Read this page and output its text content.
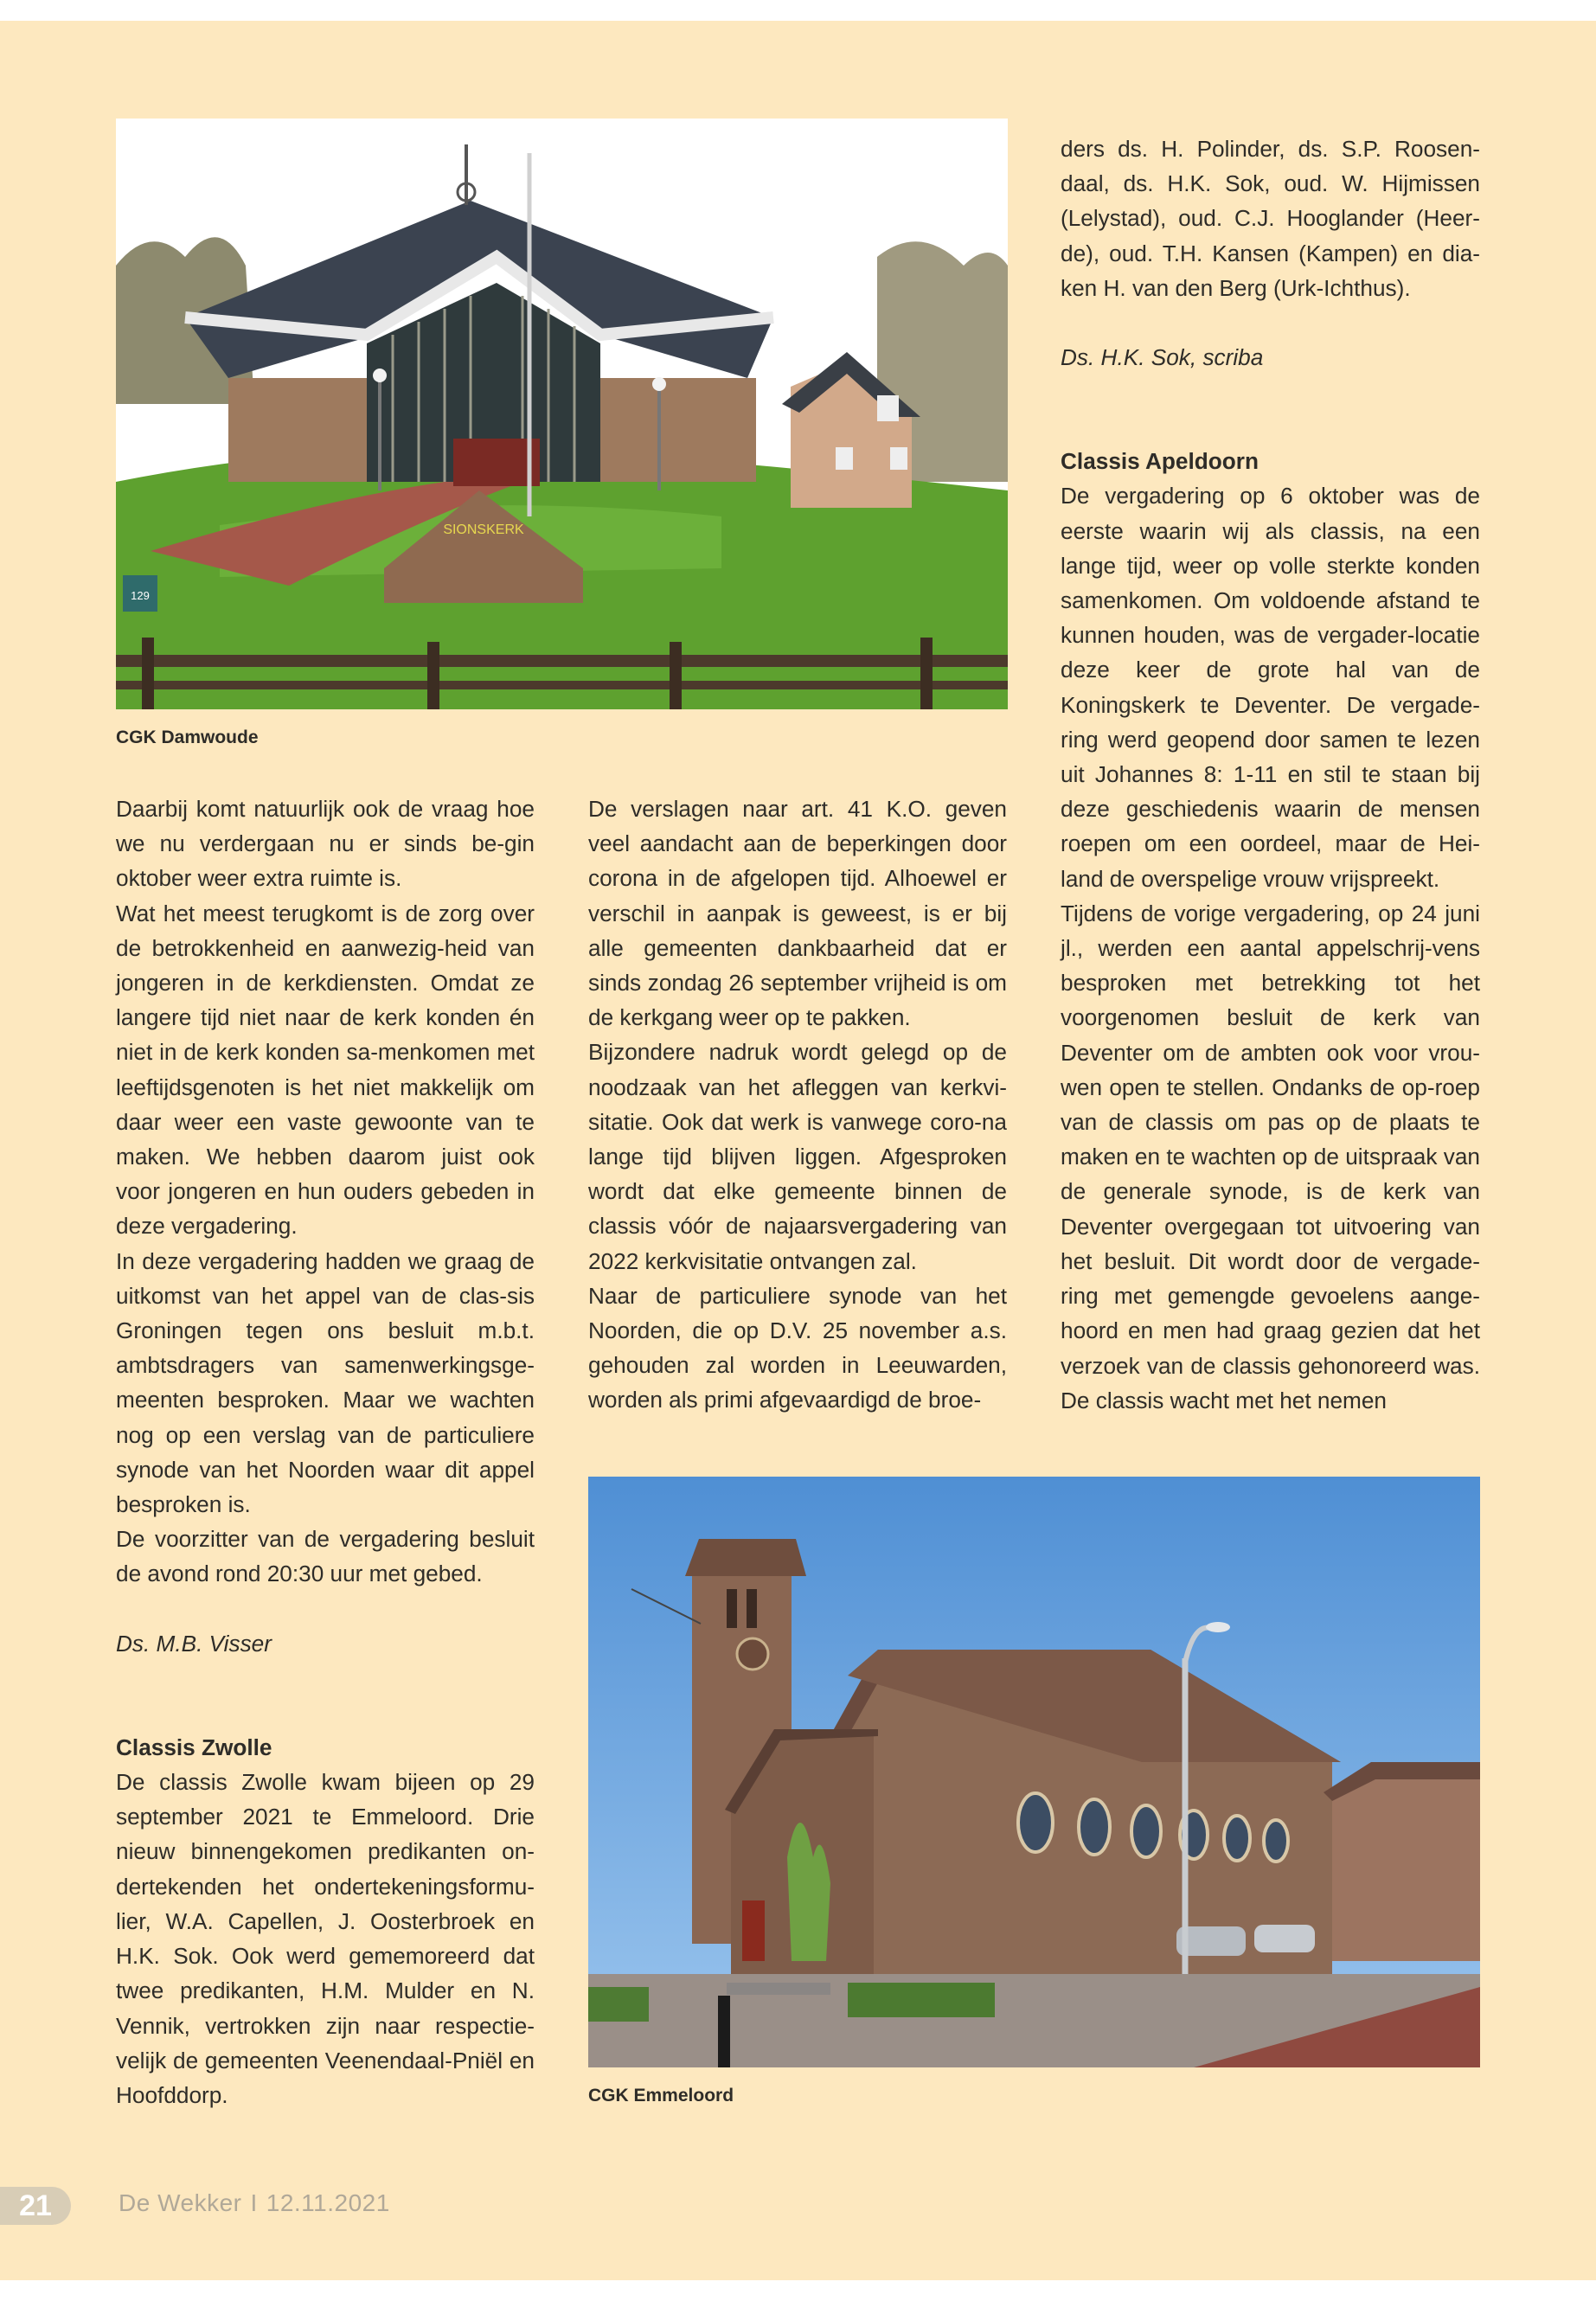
SIONSKERK
129
CGK Damwoude

Daarbij komt natuurlijk ook de vraag hoe we nu verdergaan nu er sinds be-gin oktober weer extra ruimte is.

Wat het meest terugkomt is de zorg over de betrokkenheid en aanwezig-heid van jongeren in de kerkdiensten. Omdat ze langere tijd niet naar de kerk konden én niet in de kerk konden sa-menkomen met leeftijdsgenoten is het niet makkelijk om daar weer een vaste gewoonte van te maken. We hebben daarom juist ook voor jongeren en hun ouders gebeden in deze vergadering.

In deze vergadering hadden we graag de uitkomst van het appel van de clas-sis Groningen tegen ons besluit m.b.t. ambtsdragers van samenwerkingsge-meenten besproken. Maar we wachten nog op een verslag van de particuliere synode van het Noorden waar dit appel besproken is.

De voorzitter van de vergadering besluit de avond rond 20:30 uur met gebed.

Ds. M.B. Visser

Classis Zwolle

De classis Zwolle kwam bijeen op 29 september 2021 te Emmeloord. Drie nieuw binnengekomen predikanten on-dertekenden het ondertekeningsformu-lier, W.A. Capellen, J. Oosterbroek en H.K. Sok. Ook werd gememoreerd dat twee predikanten, H.M. Mulder en N. Vennik, vertrokken zijn naar respectie-velijk de gemeenten Veenendaal-Pniël en Hoofddorp.

De verslagen naar art. 41 K.O. geven veel aandacht aan de beperkingen door corona in de afgelopen tijd. Alhoewel er verschil in aanpak is geweest, is er bij alle gemeenten dankbaarheid dat er sinds zondag 26 september vrijheid is om de kerkgang weer op te pakken.

Bijzondere nadruk wordt gelegd op de noodzaak van het afleggen van kerkvi-sitatie. Ook dat werk is vanwege coro-na lange tijd blijven liggen. Afgesproken wordt dat elke gemeente binnen de classis vóór de najaarsvergadering van 2022 kerkvisitatie ontvangen zal.

Naar de particuliere synode van het Noorden, die op D.V. 25 november a.s. gehouden zal worden in Leeuwarden, worden als primi afgevaardigd de broe-

ders ds. H. Polinder, ds. S.P. Roosen-daal, ds. H.K. Sok, oud. W. Hijmissen (Lelystad), oud. C.J. Hooglander (Heer-de), oud. T.H. Kansen (Kampen) en dia-ken H. van den Berg (Urk-Ichthus).

Ds. H.K. Sok, scriba

Classis Apeldoorn

De vergadering op 6 oktober was de eerste waarin wij als classis, na een lange tijd, weer op volle sterkte konden samenkomen. Om voldoende afstand te kunnen houden, was de vergader-locatie deze keer de grote hal van de Koningskerk te Deventer. De vergade-ring werd geopend door samen te lezen uit Johannes 8: 1-11 en stil te staan bij deze geschiedenis waarin de mensen roepen om een oordeel, maar de Hei-land de overspelige vrouw vrijspreekt.

Tijdens de vorige vergadering, op 24 juni jl., werden een aantal appelschrij-vens besproken met betrekking tot het voorgenomen besluit de kerk van Deventer om de ambten ook voor vrou-wen open te stellen. Ondanks de op-roep van de classis om pas op de plaats te maken en te wachten op de uitspraak van de generale synode, is de kerk van Deventer overgegaan tot uitvoering van het besluit. Dit wordt door de vergade-ring met gemengde gevoelens aange-hoord en men had graag gezien dat het verzoek van de classis gehonoreerd was. De classis wacht met het nemen

CGK Emmeloord
21	De Wekker I 12.11.2021
